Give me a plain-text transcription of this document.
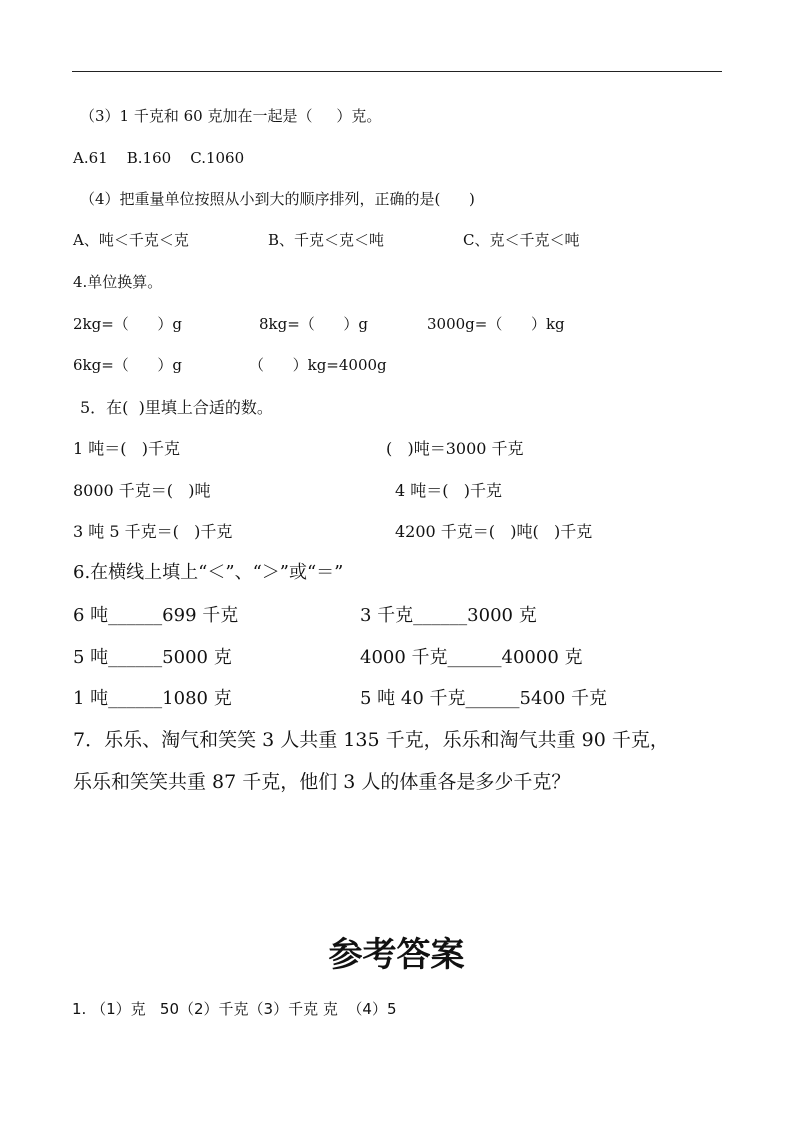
（3）1 千克和 60 克加在一起是（     ）克。
A.61    B.160    C.1060
（4）把重量单位按照从小到大的顺序排列，正确的是(      )
A、吨＜千克＜克	B、千克＜克＜吨	C、克＜千克＜吨
4.单位换算。
2kg=（      ）g	8kg=（      ）g	3000g=（      ）kg
6kg=（      ）g	（      ）kg=4000g
5．在(  )里填上合适的数。
1 吨＝(   )千克	(   )吨＝3000 千克
8000 千克＝(   )吨	4 吨＝(   )千克
3 吨 5 千克＝(   )千克	4200 千克＝(   )吨(   )千克
6.在横线上填上“＜”、“＞”或“＝”
6 吨______699 千克	3 千克______3000 克
5 吨______5000 克	4000 千克______40000 克
1 吨______1080 克	5 吨 40 千克______5400 千克
7．乐乐、淘气和笑笑 3 人共重 135 千克，乐乐和淘气共重 90 千克，
乐乐和笑笑共重 87 千克，他们 3 人的体重各是多少千克？
参考答案
1. （1）克   50（2）千克（3）千克 克  （4）5
